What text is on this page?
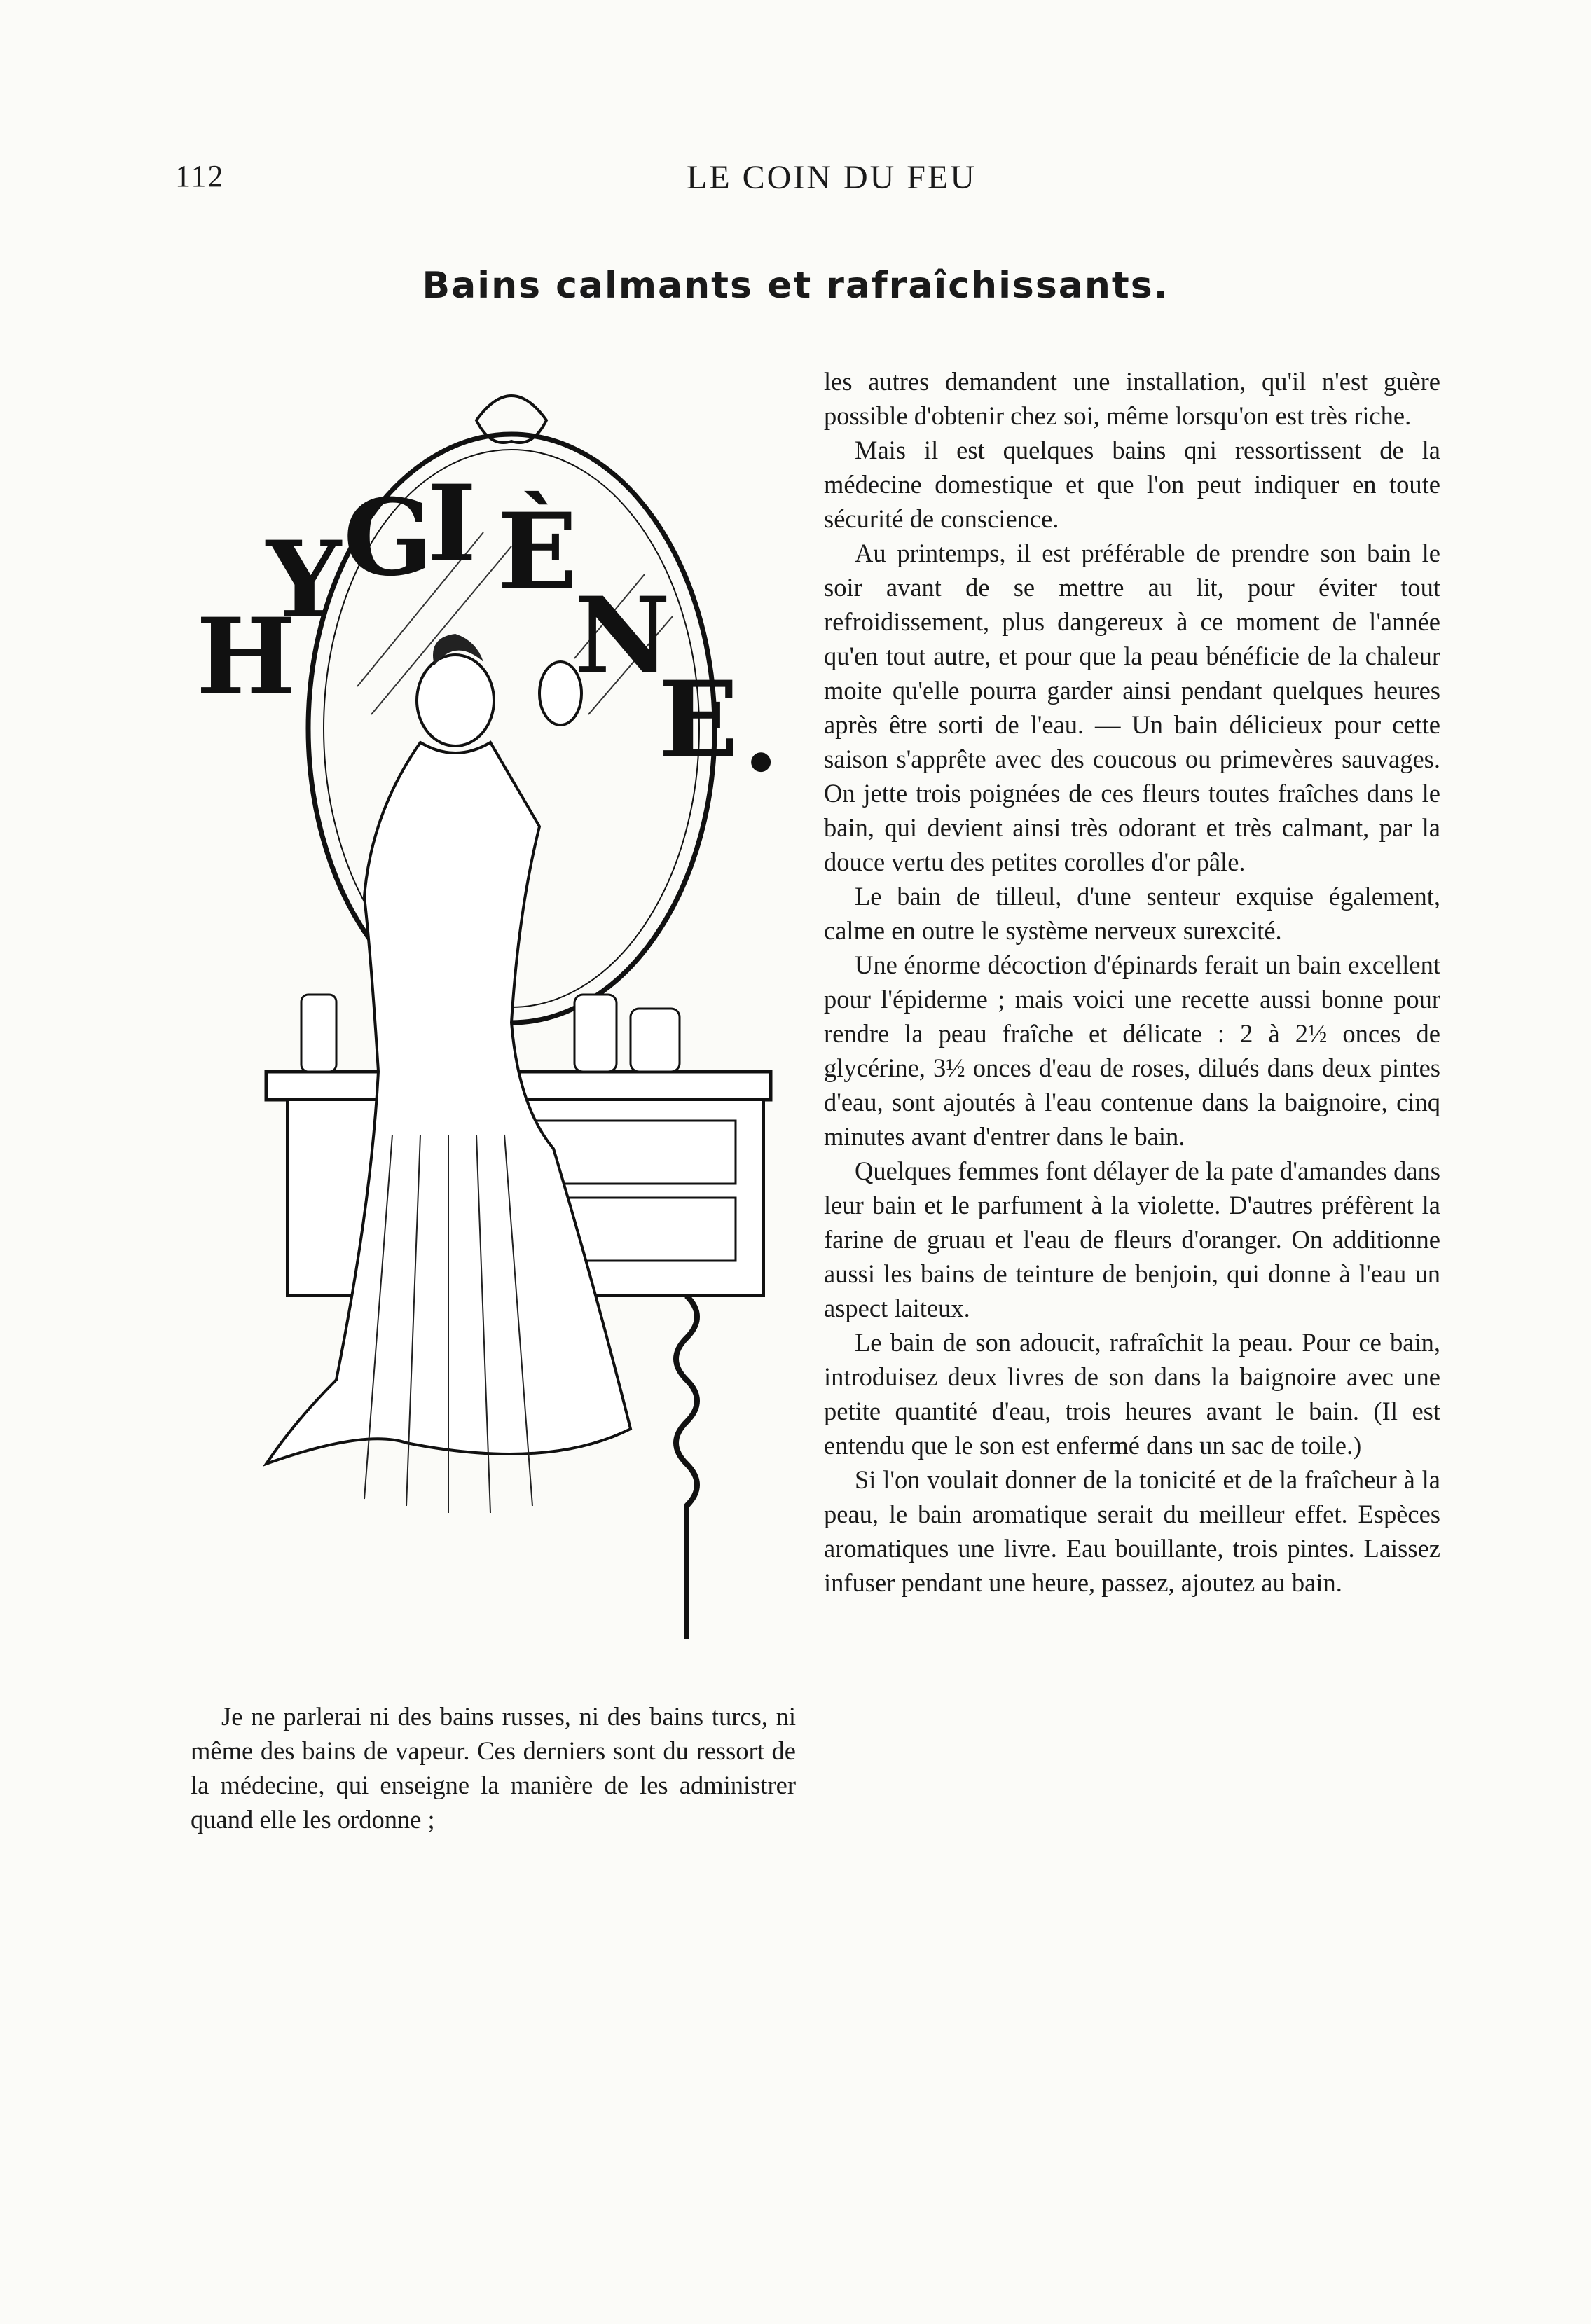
112	LE COIN DU FEU
Bains calmants et rafraîchissants.
H
Y G
I È
N
E .

Je ne parlerai ni des bains russes, ni des bains turcs, ni même des bains de vapeur. Ces derniers sont du ressort de la médecine, qui enseigne la manière de les administrer quand elle les ordonne ;

les autres demandent une installation, qu'il n'est guère possible d'obtenir chez soi, même lorsqu'on est très riche.

Mais il est quelques bains qni ressortissent de la médecine domestique et que l'on peut indiquer en toute sécurité de conscience.

Au printemps, il est préférable de prendre son bain le soir avant de se mettre au lit, pour éviter tout refroidissement, plus dangereux à ce moment de l'année qu'en tout autre, et pour que la peau bénéficie de la chaleur moite qu'elle pourra garder ainsi pendant quelques heures après être sorti de l'eau. — Un bain délicieux pour cette saison s'apprête avec des coucous ou primevères sauvages. On jette trois poignées de ces fleurs toutes fraîches dans le bain, qui devient ainsi très odorant et très calmant, par la douce vertu des petites corolles d'or pâle.

Le bain de tilleul, d'une senteur exquise également, calme en outre le système nerveux surexcité.

Une énorme décoction d'épinards ferait un bain excellent pour l'épiderme ; mais voici une recette aussi bonne pour rendre la peau fraîche et délicate : 2 à 2½ onces de glycérine, 3½ onces d'eau de roses, dilués dans deux pintes d'eau, sont ajoutés à l'eau contenue dans la baignoire, cinq minutes avant d'entrer dans le bain.

Quelques femmes font délayer de la pate d'amandes dans leur bain et le parfument à la violette. D'autres préfèrent la farine de gruau et l'eau de fleurs d'oranger. On additionne aussi les bains de teinture de benjoin, qui donne à l'eau un aspect laiteux.

Le bain de son adoucit, rafraîchit la peau. Pour ce bain, introduisez deux livres de son dans la baignoire avec une petite quantité d'eau, trois heures avant le bain. (Il est entendu que le son est enfermé dans un sac de toile.)

Si l'on voulait donner de la tonicité et de la fraîcheur à la peau, le bain aromatique serait du meilleur effet. Espèces aromatiques une livre. Eau bouillante, trois pintes. Laissez infuser pendant une heure, passez, ajoutez au bain.
